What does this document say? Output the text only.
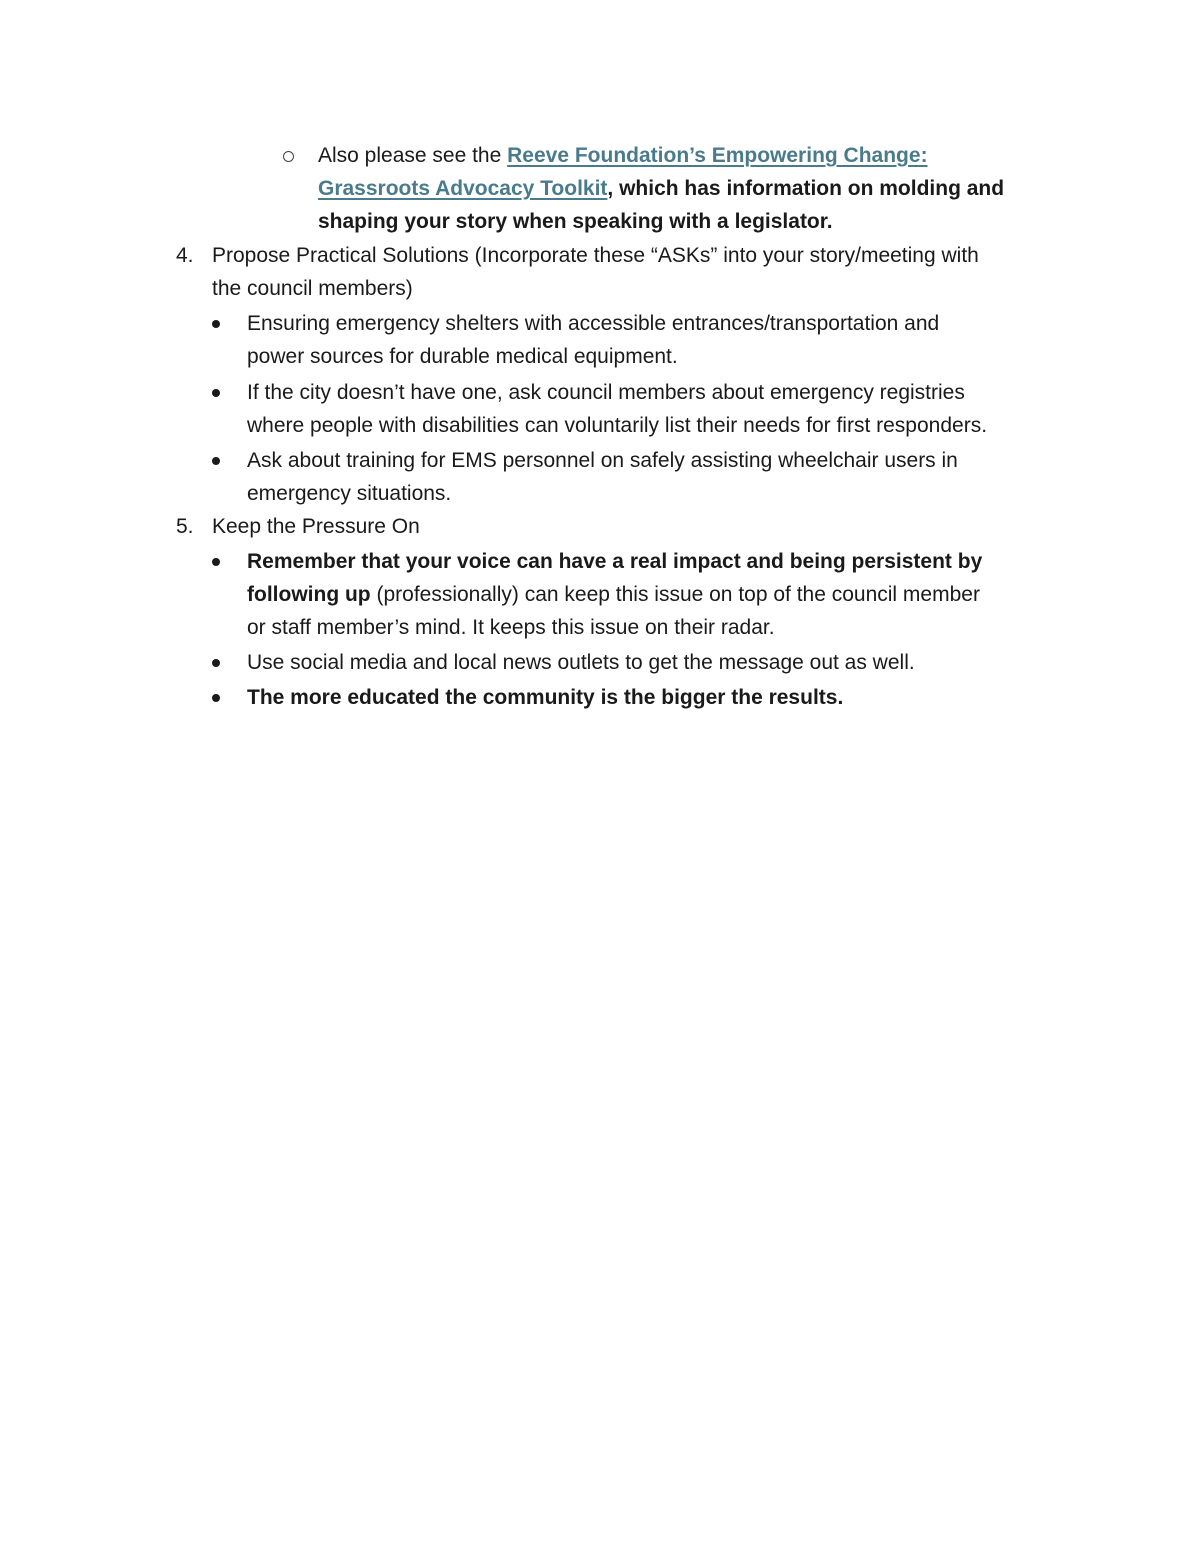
Also please see the Reeve Foundation’s Empowering Change:
Grassroots Advocacy Toolkit, which has information on molding and
shaping your story when speaking with a legislator.
4. Propose Practical Solutions (Incorporate these “ASKs” into your story/meeting with
the council members)
Ensuring emergency shelters with accessible entrances/transportation and
power sources for durable medical equipment.
If the city doesn’t have one, ask council members about emergency registries
where people with disabilities can voluntarily list their needs for first responders.
Ask about training for EMS personnel on safely assisting wheelchair users in
emergency situations.
5. Keep the Pressure On
Remember that your voice can have a real impact and being persistent by
following up (professionally) can keep this issue on top of the council member
or staff member’s mind. It keeps this issue on their radar.
Use social media and local news outlets to get the message out as well.
The more educated the community is the bigger the results.
